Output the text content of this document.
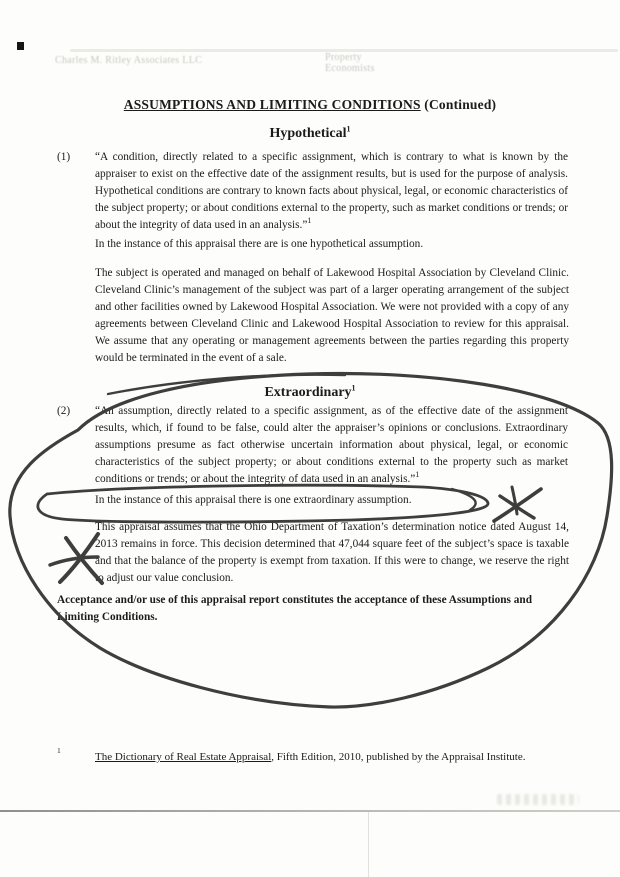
Charles M. Ritley Associates LLC	Property
Economists
ASSUMPTIONS AND LIMITING CONDITIONS (Continued)
Hypothetical$^1$
(1)	“A condition, directly related to a specific assignment, which is contrary to what is known by the appraiser to exist on the effective date of the assignment results, but is used for the purpose of analysis. Hypothetical conditions are contrary to known facts about physical, legal, or economic characteristics of the subject property; or about conditions external to the property, such as market conditions or trends; or about the integrity of data used in an analysis.”$^1$
In the instance of this appraisal there are is one hypothetical assumption.
The subject is operated and managed on behalf of Lakewood Hospital Association by Cleveland Clinic. Cleveland Clinic’s management of the subject was part of a larger operating arrangement of the subject and other facilities owned by Lakewood Hospital Association. We were not provided with a copy of any agreements between Cleveland Clinic and Lakewood Hospital Association to review for this appraisal. We assume that any operating or management agreements between the parties regarding this property would be terminated in the event of a sale.
Extraordinary$^1$
(2)	“An assumption, directly related to a specific assignment, as of the effective date of the assignment results, which, if found to be false, could alter the appraiser’s opinions or conclusions. Extraordinary assumptions presume as fact otherwise uncertain information about physical, legal, or economic characteristics of the subject property; or about conditions external to the property such as market conditions or trends; or about the integrity of data used in an analysis.”$^1$
In the instance of this appraisal there is one extraordinary assumption.
This appraisal assumes that the Ohio Department of Taxation’s determination notice dated August 14, 2013 remains in force. This decision determined that 47,044 square feet of the subject’s space is taxable and that the balance of the property is exempt from taxation. If this were to change, we reserve the right to adjust our value conclusion.
Acceptance and/or use of this appraisal report constitutes the acceptance of these Assumptions and Limiting Conditions.
1
The Dictionary of Real Estate Appraisal, Fifth Edition, 2010, published by the Appraisal Institute.
